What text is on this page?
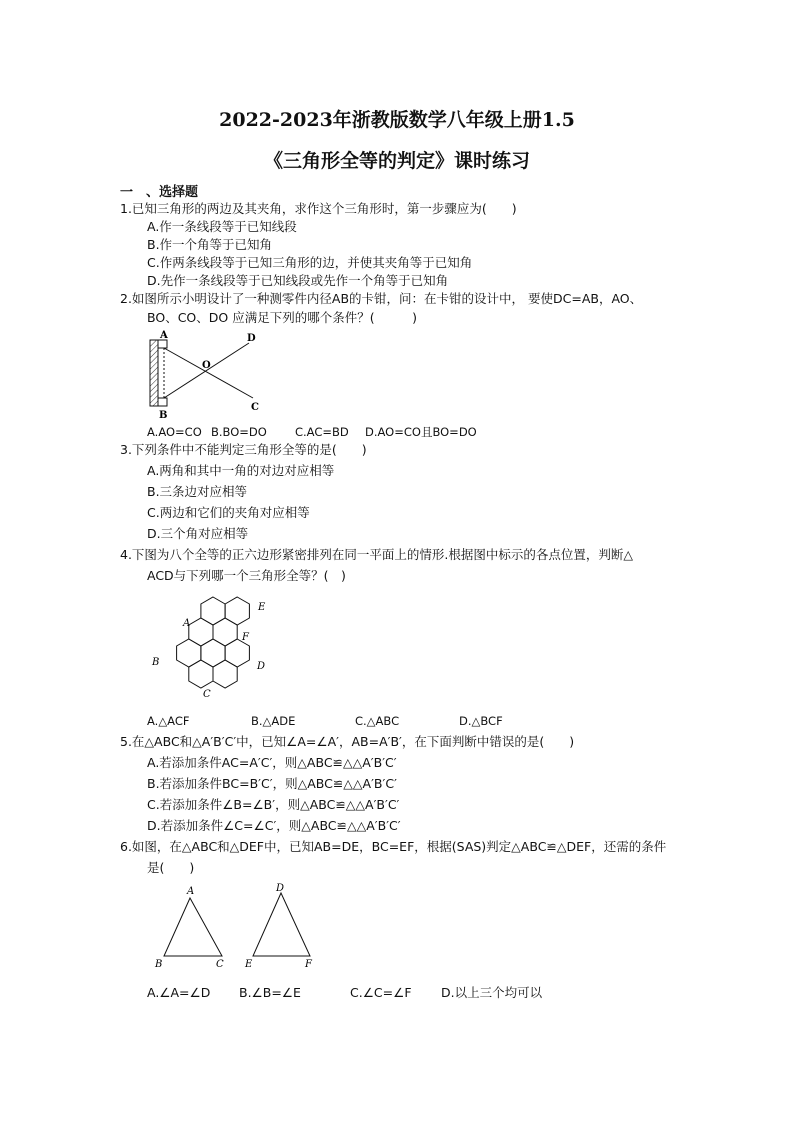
2022-2023年浙教版数学八年级上册1.5
《三角形全等的判定》课时练习
一　、选择题
1.已知三角形的两边及其夹角，求作这个三角形时，第一步骤应为(　　)
A.作一条线段等于已知线段
B.作一个角等于已知角
C.作两条线段等于已知三角形的边，并使其夹角等于已知角
D.先作一条线段等于已知线段或先作一个角等于已知角
2.如图所示小明设计了一种测零件内径AB的卡钳，问：在卡钳的设计中， 要使DC=AB，AO、
BO、CO、DO 应满足下列的哪个条件？(　　　)
A
B
O
D
C
A.AO=CO B.BO=DO C.AC=BD D.AO=CO且BO=DO
3.下列条件中不能判定三角形全等的是(　　)
A.两角和其中一角的对边对应相等
B.三条边对应相等
C.两边和它们的夹角对应相等
D.三个角对应相等
4.下图为八个全等的正六边形紧密排列在同一平面上的情形.根据图中标示的各点位置，判断△
ACD与下列哪一个三角形全等？(　)
A
B
C
D
E
F
A.△ACF	B.△ADE	C.△ABC	D.△BCF
5.在△ABC和△A′B′C′中，已知∠A=∠A′，AB=A′B′，在下面判断中错误的是(　　)
A.若添加条件AC=A′C′，则△ABC≌△△A′B′C′
B.若添加条件BC=B′C′，则△ABC≌△△A′B′C′
C.若添加条件∠B=∠B′，则△ABC≌△△A′B′C′
D.若添加条件∠C=∠C′，则△ABC≌△△A′B′C′
6.如图，在△ABC和△DEF中，已知AB=DE，BC=EF，根据(SAS)判定△ABC≌△DEF，还需的条件
是(　　)
A
B	C
D
E	F
A.∠A=∠D B.∠B=∠E	C.∠C=∠F D.以上三个均可以
